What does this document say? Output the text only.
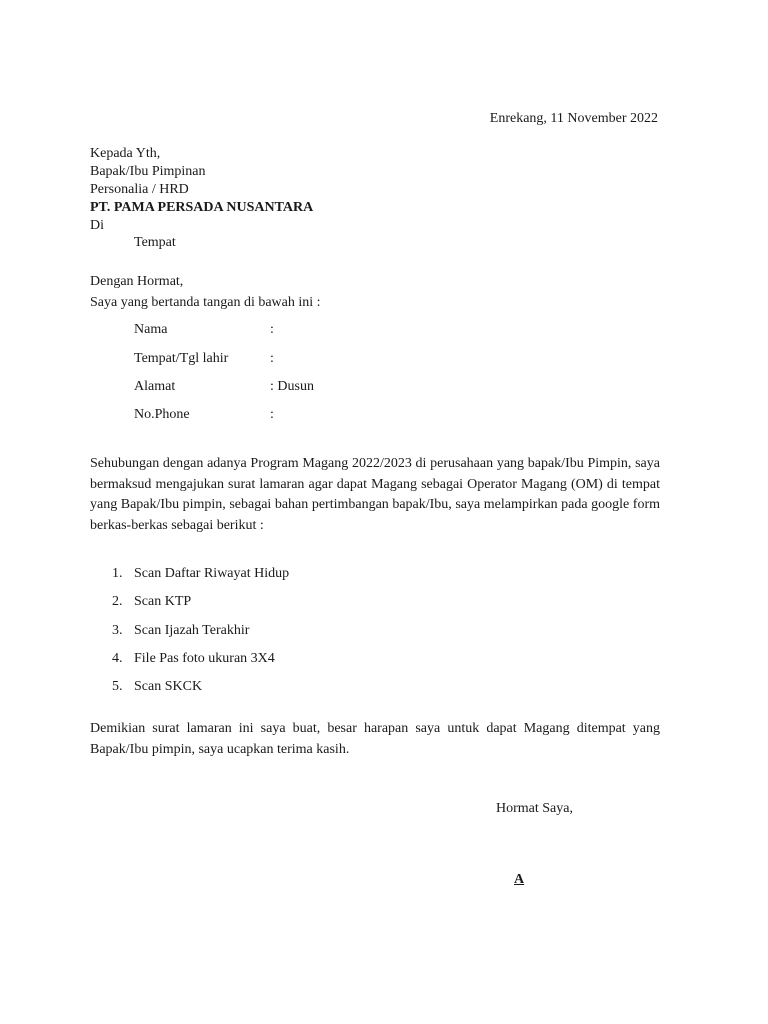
Enrekang, 11 November 2022
Kepada Yth,
Bapak/Ibu Pimpinan
Personalia / HRD
PT. PAMA PERSADA NUSANTARA
Di
Tempat
Dengan Hormat,
Saya yang bertanda tangan di bawah ini :
Nama	:
Tempat/Tgl lahir	:
Alamat	: Dusun
No.Phone	:
Sehubungan dengan adanya Program Magang 2022/2023 di perusahaan yang bapak/Ibu Pimpin, saya bermaksud mengajukan surat lamaran agar dapat Magang sebagai Operator Magang (OM) di tempat yang Bapak/Ibu pimpin, sebagai bahan pertimbangan bapak/Ibu, saya melampirkan pada google form berkas-berkas sebagai berikut :
1. Scan Daftar Riwayat Hidup
2. Scan KTP
3. Scan Ijazah Terakhir
4. File Pas foto ukuran 3X4
5. Scan SKCK
Demikian surat lamaran ini saya buat, besar harapan saya untuk dapat Magang ditempat yang Bapak/Ibu pimpin, saya ucapkan terima kasih.
Hormat Saya,
A
